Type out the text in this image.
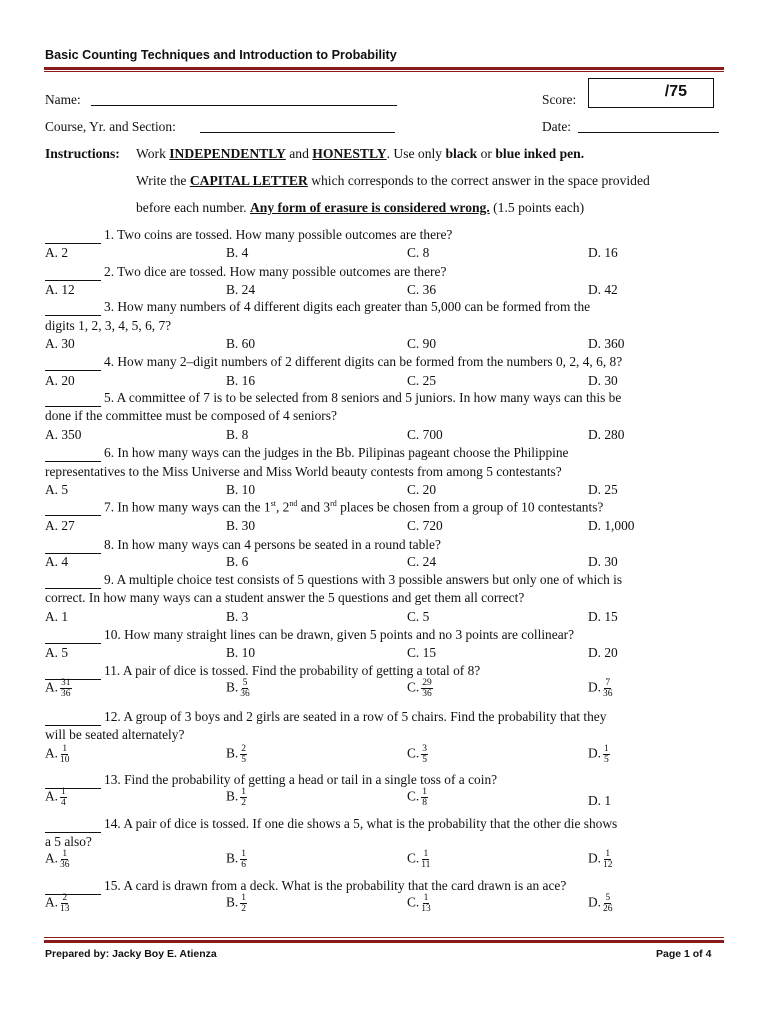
Basic Counting Techniques and Introduction to Probability
Name:	Score:	/75
Course, Yr. and Section:	Date:
Instructions: Work INDEPENDENTLY and HONESTLY. Use only black or blue inked pen.
Write the CAPITAL LETTER which corresponds to the correct answer in the space provided
before each number. Any form of erasure is considered wrong. (1.5 points each)
1. Two coins are tossed. How many possible outcomes are there?
A. 2	B. 4	C. 8	D. 16
2. Two dice are tossed. How many possible outcomes are there?
A. 12	B. 24	C. 36	D. 42
3. How many numbers of 4 different digits each greater than 5,000 can be formed from the
digits 1, 2, 3, 4, 5, 6, 7?
A. 30	B. 60	C. 90	D. 360
4. How many 2–digit numbers of 2 different digits can be formed from the numbers 0, 2, 4, 6, 8?
A. 20	B. 16	C. 25	D. 30
5. A committee of 7 is to be selected from 8 seniors and 5 juniors. In how many ways can this be
done if the committee must be composed of 4 seniors?
A. 350	B. 8	C. 700	D. 280
6. In how many ways can the judges in the Bb. Pilipinas pageant choose the Philippine
representatives to the Miss Universe and Miss World beauty contests from among 5 contestants?
A. 5	B. 10	C. 20	D. 25
7. In how many ways can the 1st, 2nd and 3rd places be chosen from a group of 10 contestants?
A. 27	B. 30	C. 720	D. 1,000
8. In how many ways can 4 persons be seated in a round table?
A. 4	B. 6	C. 24	D. 30
9. A multiple choice test consists of 5 questions with 3 possible answers but only one of which is
correct. In how many ways can a student answer the 5 questions and get them all correct?
A. 1	B. 3	C. 5	D. 15
10. How many straight lines can be drawn, given 5 points and no 3 points are collinear?
A. 5	B. 10	C. 15	D. 20
11. A pair of dice is tossed. Find the probability of getting a total of 8?
A. $\frac{31}{36}$	B. $\frac{5}{36}$	C. $\frac{29}{36}$	D. $\frac{7}{36}$
12. A group of 3 boys and 2 girls are seated in a row of 5 chairs. Find the probability that they
will be seated alternately?
A. $\frac{1}{10}$	B. $\frac{2}{5}$	C. $\frac{3}{5}$	D. $\frac{1}{5}$
13. Find the probability of getting a head or tail in a single toss of a coin?
A. $\frac{1}{4}$	B. $\frac{1}{2}$	C. $\frac{1}{8}$	D. 1
14. A pair of dice is tossed. If one die shows a 5, what is the probability that the other die shows
a 5 also?
A. $\frac{1}{36}$	B. $\frac{1}{6}$	C. $\frac{1}{11}$	D. $\frac{1}{12}$
15. A card is drawn from a deck. What is the probability that the card drawn is an ace?
A. $\frac{2}{13}$	B. $\frac{1}{2}$	C. $\frac{1}{13}$	D. $\frac{5}{26}$
Prepared by: Jacky Boy E. Atienza	Page 1 of 4
